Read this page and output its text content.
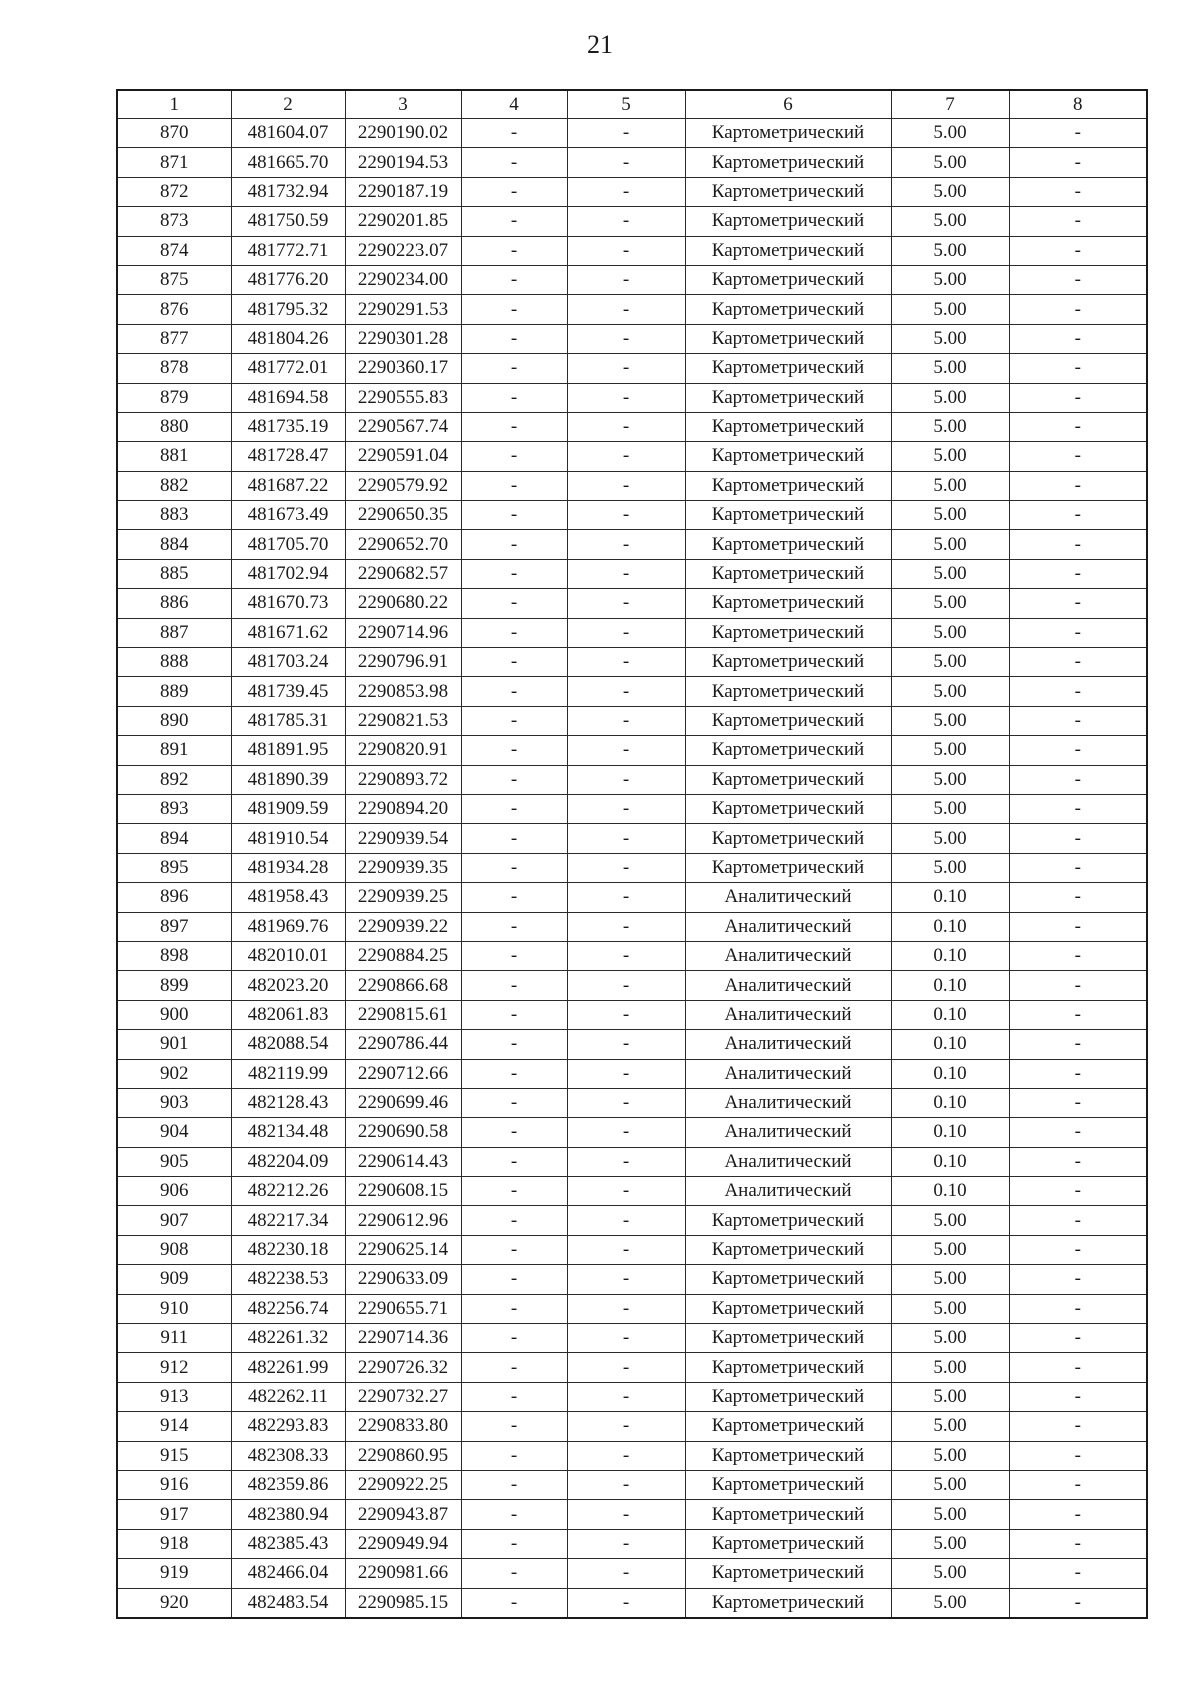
21
1	2	3	4	5	6	7	8
870	481604.07	2290190.02	-	-	Картометрический	5.00	-
871	481665.70	2290194.53	-	-	Картометрический	5.00	-
872	481732.94	2290187.19	-	-	Картометрический	5.00	-
873	481750.59	2290201.85	-	-	Картометрический	5.00	-
874	481772.71	2290223.07	-	-	Картометрический	5.00	-
875	481776.20	2290234.00	-	-	Картометрический	5.00	-
876	481795.32	2290291.53	-	-	Картометрический	5.00	-
877	481804.26	2290301.28	-	-	Картометрический	5.00	-
878	481772.01	2290360.17	-	-	Картометрический	5.00	-
879	481694.58	2290555.83	-	-	Картометрический	5.00	-
880	481735.19	2290567.74	-	-	Картометрический	5.00	-
881	481728.47	2290591.04	-	-	Картометрический	5.00	-
882	481687.22	2290579.92	-	-	Картометрический	5.00	-
883	481673.49	2290650.35	-	-	Картометрический	5.00	-
884	481705.70	2290652.70	-	-	Картометрический	5.00	-
885	481702.94	2290682.57	-	-	Картометрический	5.00	-
886	481670.73	2290680.22	-	-	Картометрический	5.00	-
887	481671.62	2290714.96	-	-	Картометрический	5.00	-
888	481703.24	2290796.91	-	-	Картометрический	5.00	-
889	481739.45	2290853.98	-	-	Картометрический	5.00	-
890	481785.31	2290821.53	-	-	Картометрический	5.00	-
891	481891.95	2290820.91	-	-	Картометрический	5.00	-
892	481890.39	2290893.72	-	-	Картометрический	5.00	-
893	481909.59	2290894.20	-	-	Картометрический	5.00	-
894	481910.54	2290939.54	-	-	Картометрический	5.00	-
895	481934.28	2290939.35	-	-	Картометрический	5.00	-
896	481958.43	2290939.25	-	-	Аналитический	0.10	-
897	481969.76	2290939.22	-	-	Аналитический	0.10	-
898	482010.01	2290884.25	-	-	Аналитический	0.10	-
899	482023.20	2290866.68	-	-	Аналитический	0.10	-
900	482061.83	2290815.61	-	-	Аналитический	0.10	-
901	482088.54	2290786.44	-	-	Аналитический	0.10	-
902	482119.99	2290712.66	-	-	Аналитический	0.10	-
903	482128.43	2290699.46	-	-	Аналитический	0.10	-
904	482134.48	2290690.58	-	-	Аналитический	0.10	-
905	482204.09	2290614.43	-	-	Аналитический	0.10	-
906	482212.26	2290608.15	-	-	Аналитический	0.10	-
907	482217.34	2290612.96	-	-	Картометрический	5.00	-
908	482230.18	2290625.14	-	-	Картометрический	5.00	-
909	482238.53	2290633.09	-	-	Картометрический	5.00	-
910	482256.74	2290655.71	-	-	Картометрический	5.00	-
911	482261.32	2290714.36	-	-	Картометрический	5.00	-
912	482261.99	2290726.32	-	-	Картометрический	5.00	-
913	482262.11	2290732.27	-	-	Картометрический	5.00	-
914	482293.83	2290833.80	-	-	Картометрический	5.00	-
915	482308.33	2290860.95	-	-	Картометрический	5.00	-
916	482359.86	2290922.25	-	-	Картометрический	5.00	-
917	482380.94	2290943.87	-	-	Картометрический	5.00	-
918	482385.43	2290949.94	-	-	Картометрический	5.00	-
919	482466.04	2290981.66	-	-	Картометрический	5.00	-
920	482483.54	2290985.15	-	-	Картометрический	5.00	-
